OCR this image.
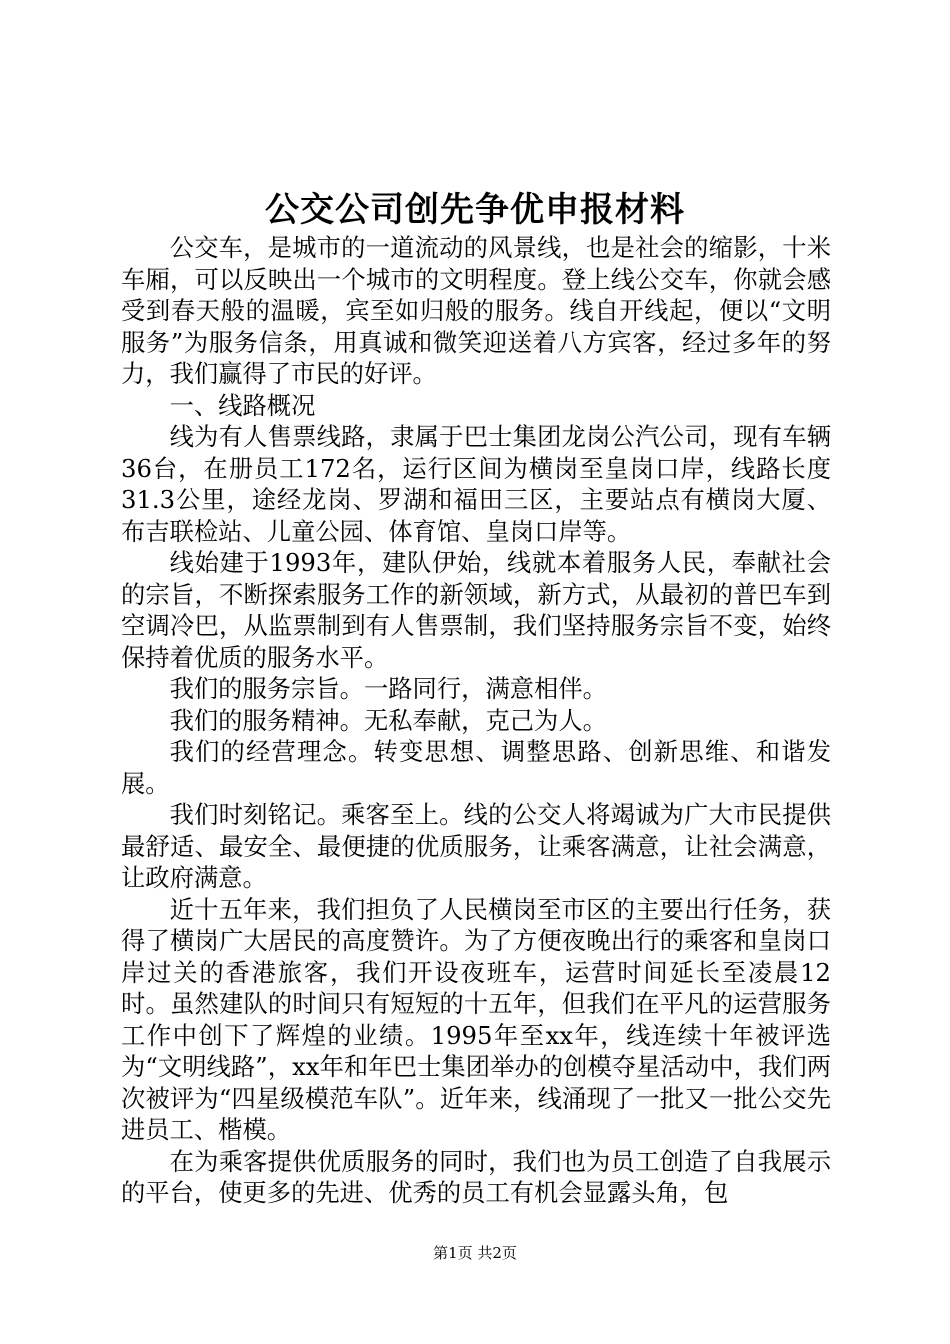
公交公司创先争优申报材料

公交车，是城市的一道流动的风景线，也是社会的缩影，十米车厢，可以反映出一个城市的文明程度。登上线公交车，你就会感受到春天般的温暖，宾至如归般的服务。线自开线起，便以“文明服务”为服务信条，用真诚和微笑迎送着八方宾客，经过多年的努力，我们赢得了市民的好评。

一、线路概况

线为有人售票线路，隶属于巴士集团龙岗公汽公司，现有车辆36台，在册员工172名，运行区间为横岗至皇岗口岸，线路长度31.3公里，途经龙岗、罗湖和福田三区，主要站点有横岗大厦、布吉联检站、儿童公园、体育馆、皇岗口岸等。

线始建于1993年，建队伊始，线就本着服务人民，奉献社会的宗旨，不断探索服务工作的新领域，新方式，从最初的普巴车到空调冷巴，从监票制到有人售票制，我们坚持服务宗旨不变，始终保持着优质的服务水平。

我们的服务宗旨。一路同行，满意相伴。

我们的服务精神。无私奉献，克己为人。

我们的经营理念。转变思想、调整思路、创新思维、和谐发展。

我们时刻铭记。乘客至上。线的公交人将竭诚为广大市民提供最舒适、最安全、最便捷的优质服务，让乘客满意，让社会满意，让政府满意。

近十五年来，我们担负了人民横岗至市区的主要出行任务，获得了横岗广大居民的高度赞许。为了方便夜晚出行的乘客和皇岗口岸过关的香港旅客，我们开设夜班车，运营时间延长至凌晨12时。虽然建队的时间只有短短的十五年，但我们在平凡的运营服务工作中创下了辉煌的业绩。1995年至xx年，线连续十年被评选为“文明线路”，xx年和年巴士集团举办的创模夺星活动中，我们两次被评为“四星级模范车队”。近年来，线涌现了一批又一批公交先进员工、楷模。

在为乘客提供优质服务的同时，我们也为员工创造了自我展示的平台，使更多的先进、优秀的员工有机会显露头角，包

第1页 共2页
